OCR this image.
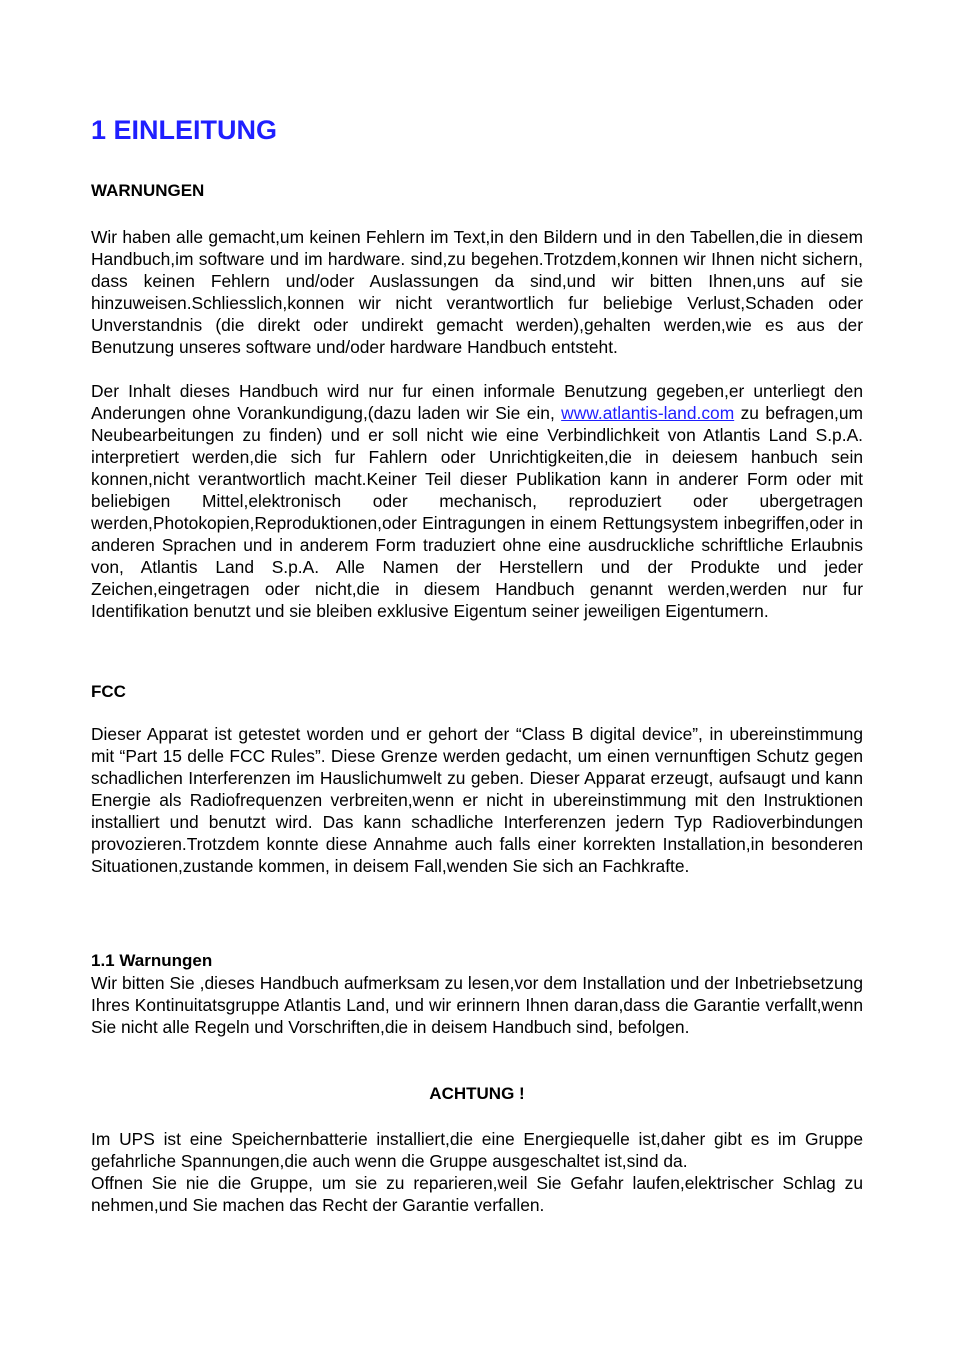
1 EINLEITUNG
WARNUNGEN

Wir haben alle gemacht,um keinen Fehlern im Text,in den Bildern und in den Tabellen,die in diesem Handbuch,im software und im hardware. sind,zu begehen.Trotzdem,konnen wir Ihnen nicht sichern, dass keinen Fehlern und/oder Auslassungen da sind,und wir bitten Ihnen,uns auf sie hinzuweisen.Schliesslich,konnen wir nicht verantwortlich fur beliebige Verlust,Schaden oder Unverstandnis (die direkt oder undirekt gemacht werden),gehalten werden,wie es aus der Benutzung unseres software und/oder hardware Handbuch entsteht.

Der Inhalt dieses Handbuch wird nur fur einen informale Benutzung gegeben,er unterliegt den Anderungen ohne Vorankundigung,(dazu laden wir Sie ein, www.atlantis-land.com zu befragen,um Neubearbeitungen zu finden) und er soll nicht wie eine Verbindlichkeit von Atlantis Land S.p.A. interpretiert werden,die sich fur Fahlern oder Unrichtigkeiten,die in deiesem hanbuch sein konnen,nicht verantwortlich macht.Keiner Teil dieser Publikation kann in anderer Form oder mit beliebigen Mittel,elektronisch oder mechanisch, reproduziert oder ubergetragen werden,Photokopien,Reproduktionen,oder Eintragungen in einem Rettungsystem inbegriffen,oder in anderen Sprachen und in anderem Form traduziert ohne eine ausdruckliche schriftliche Erlaubnis von, Atlantis Land S.p.A. Alle Namen der Herstellern und der Produkte und jeder Zeichen,eingetragen oder nicht,die in diesem Handbuch genannt werden,werden nur fur Identifikation benutzt und sie bleiben exklusive Eigentum seiner jeweiligen Eigentumern.

FCC

Dieser Apparat ist getestet worden und er gehort der “Class B digital device”, in ubereinstimmung mit “Part 15 delle FCC Rules”. Diese Grenze werden gedacht, um einen vernunftigen Schutz gegen schadlichen Interferenzen im Hauslichumwelt zu geben. Dieser Apparat erzeugt, aufsaugt und kann Energie als Radiofrequenzen verbreiten,wenn er nicht in ubereinstimmung mit den Instruktionen installiert und benutzt wird. Das kann schadliche Interferenzen jedern Typ Radioverbindungen provozieren.Trotzdem konnte diese Annahme auch falls einer korrekten Installation,in besonderen Situationen,zustande kommen, in deisem Fall,wenden Sie sich an Fachkrafte.

1.1 Warnungen

Wir bitten Sie ,dieses Handbuch aufmerksam zu lesen,vor dem Installation und der Inbetriebsetzung Ihres Kontinuitatsgruppe Atlantis Land, und wir erinnern Ihnen daran,dass die Garantie verfallt,wenn Sie nicht alle Regeln und Vorschriften,die in deisem Handbuch sind, befolgen.

ACHTUNG !

Im UPS ist eine Speichernbatterie installiert,die eine Energiequelle ist,daher gibt es im Gruppe gefahrliche Spannungen,die auch wenn die Gruppe ausgeschaltet ist,sind da.

Offnen Sie nie die Gruppe, um sie zu reparieren,weil Sie Gefahr laufen,elektrischer Schlag zu nehmen,und Sie machen das Recht der Garantie verfallen.
